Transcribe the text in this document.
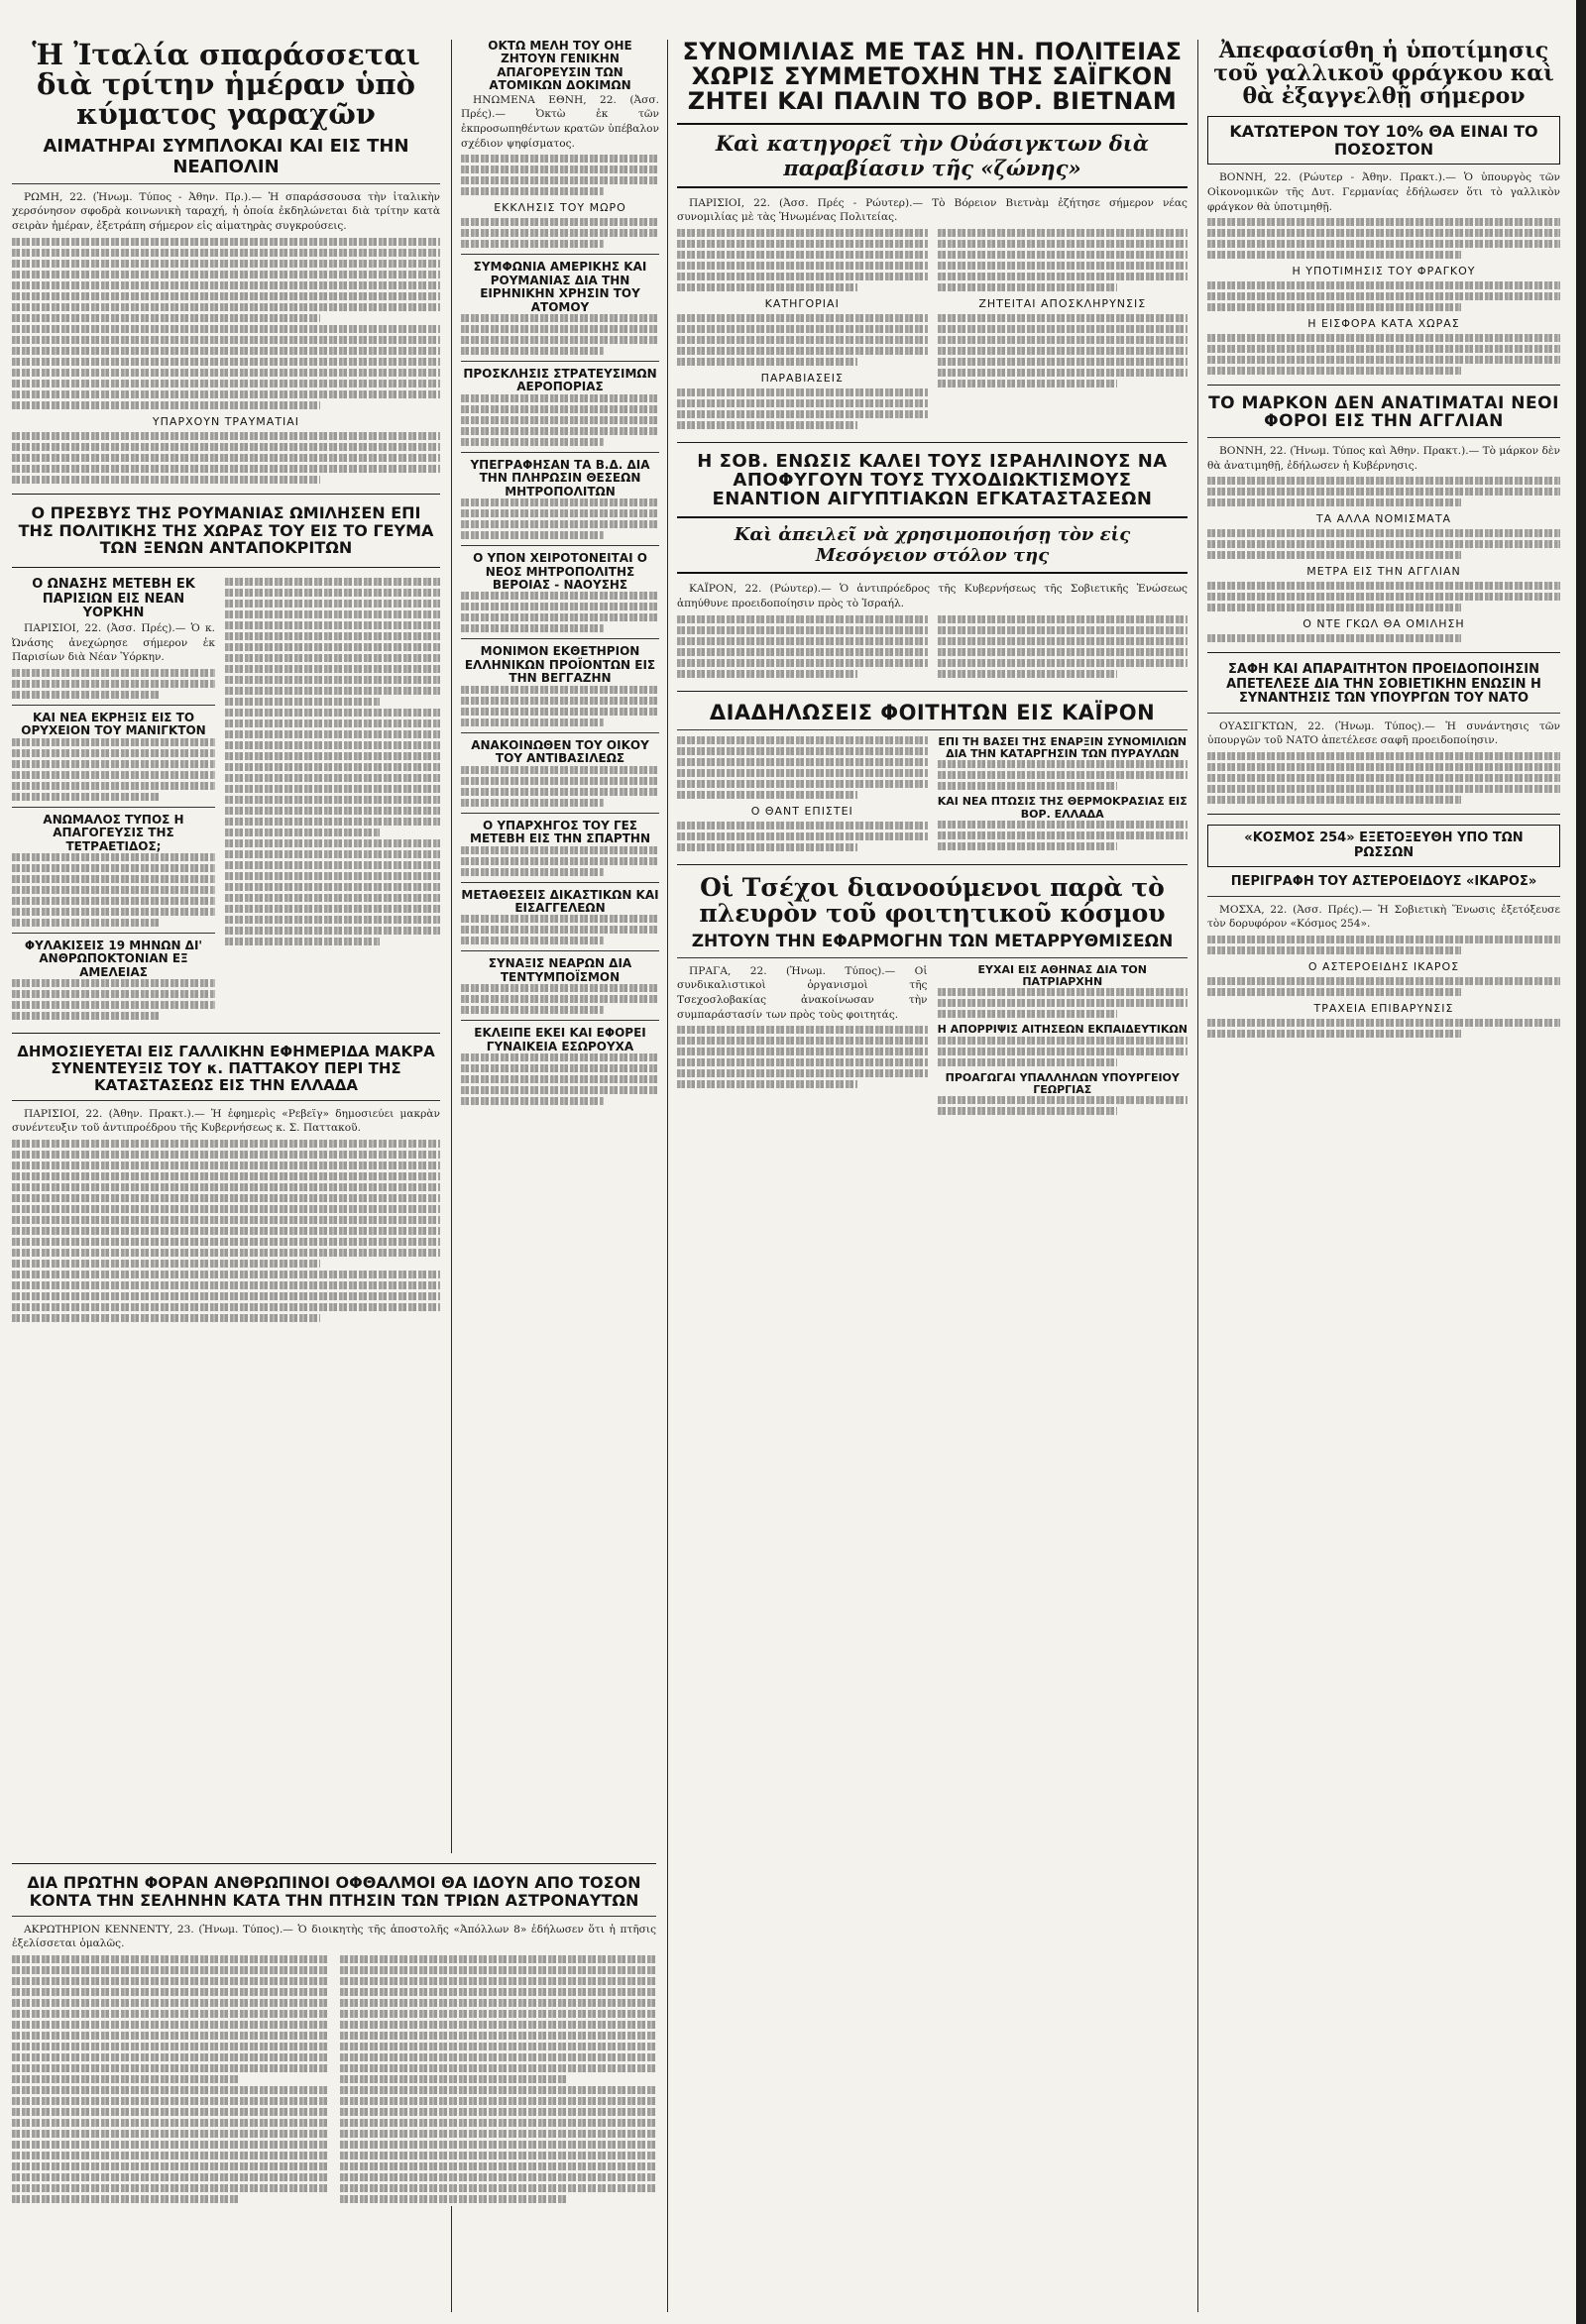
Ἡ Ἰταλία σπαράσσεται διὰ τρίτην ἡμέραν ὑπὸ κύματος γαραχῶν
ΑΙΜΑΤΗΡΑΙ ΣΥΜΠΛΟΚΑΙ ΚΑΙ ΕΙΣ ΤΗΝ ΝΕΑΠΟΛΙΝ

ΡΩΜΗ, 22. (Ἡνωμ. Τύπος - Ἀθην. Πρ.).— Ἡ σπαράσσουσα τὴν ἰταλικὴν χερσόνησον σφοδρὰ κοινωνικὴ ταραχή, ἡ ὁποία ἐκδηλώνεται διὰ τρίτην κατὰ σειρὰν ἡμέραν, ἐξετράπη σήμερον εἰς αἱματηρὰς συγκρούσεις.

ΥΠΑΡΧΟΥΝ ΤΡΑΥΜΑΤΙΑΙ
Ο ΠΡΕΣΒΥΣ ΤΗΣ ΡΟΥΜΑΝΙΑΣ ΩΜΙΛΗΣΕΝ ΕΠΙ ΤΗΣ ΠΟΛΙΤΙΚΗΣ ΤΗΣ ΧΩΡΑΣ ΤΟΥ ΕΙΣ ΤΟ ΓΕΥΜΑ ΤΩΝ ΞΕΝΩΝ ΑΝΤΑΠΟΚΡΙΤΩΝ
Ο ΩΝΑΣΗΣ ΜΕΤΕΒΗ ΕΚ ΠΑΡΙΣΙΩΝ ΕΙΣ ΝΕΑΝ ΥΟΡΚΗΝ

ΠΑΡΙΣΙΟΙ, 22. (Ἀσσ. Πρές).— Ὁ κ. Ὠνάσης ἀνεχώρησε σήμερον ἐκ Παρισίων διὰ Νέαν Ὑόρκην.

ΚΑΙ ΝΕΑ ΕΚΡΗΞΙΣ ΕΙΣ ΤΟ ΟΡΥΧΕΙΟΝ ΤΟΥ ΜΑΝΙΓΚΤΟΝ
ΑΝΩΜΑΛΟΣ ΤΥΠΟΣ Η ΑΠΑΓΟΓΕΥΣΙΣ ΤΗΣ ΤΕΤΡΑΕΤΙΔΟΣ;
ΦΥΛΑΚΙΣΕΙΣ 19 ΜΗΝΩΝ ΔΙ' ΑΝΘΡΩΠΟΚΤΟΝΙΑΝ ΕΞ ΑΜΕΛΕΙΑΣ
ΔΗΜΟΣΙΕΥΕΤΑΙ ΕΙΣ ΓΑΛΛΙΚΗΝ ΕΦΗΜΕΡΙΔΑ ΜΑΚΡΑ ΣΥΝΕΝΤΕΥΞΙΣ ΤΟΥ κ. ΠΑΤΤΑΚΟΥ ΠΕΡΙ ΤΗΣ ΚΑΤΑΣΤΑΣΕΩΣ ΕΙΣ ΤΗΝ ΕΛΛΑΔΑ

ΠΑΡΙΣΙΟΙ, 22. (Ἀθην. Πρακτ.).— Ἡ ἐφημερὶς «Ρεβεϊγ» δημοσιεύει μακρὰν συνέντευξιν τοῦ ἀντιπροέδρου τῆς Κυβερνήσεως κ. Σ. Παττακοῦ.

ΟΚΤΩ ΜΕΛΗ ΤΟΥ ΟΗΕ ΖΗΤΟΥΝ ΓΕΝΙΚΗΝ ΑΠΑΓΟΡΕΥΣΙΝ ΤΩΝ ΑΤΟΜΙΚΩΝ ΔΟΚΙΜΩΝ

ΗΝΩΜΕΝΑ ΕΘΝΗ, 22. (Ἀσσ. Πρές).— Ὀκτὼ ἐκ τῶν ἐκπροσωπηθέντων κρατῶν ὑπέβαλον σχέδιον ψηφίσματος.

ΕΚΚΛΗΣΙΣ ΤΟΥ ΜΩΡΟ
ΣΥΜΦΩΝΙΑ ΑΜΕΡΙΚΗΣ ΚΑΙ ΡΟΥΜΑΝΙΑΣ ΔΙΑ ΤΗΝ ΕΙΡΗΝΙΚΗΝ ΧΡΗΣΙΝ ΤΟΥ ΑΤΟΜΟΥ
ΠΡΟΣΚΛΗΣΙΣ ΣΤΡΑΤΕΥΣΙΜΩΝ ΑΕΡΟΠΟΡΙΑΣ
ΥΠΕΓΡΑΦΗΣΑΝ ΤΑ Β.Δ. ΔΙΑ ΤΗΝ ΠΛΗΡΩΣΙΝ ΘΕΣΕΩΝ ΜΗΤΡΟΠΟΛΙΤΩΝ
Ο ΥΠΟΝ ΧΕΙΡΟΤΟΝΕΙΤΑΙ Ο ΝΕΟΣ ΜΗΤΡΟΠΟΛΙΤΗΣ ΒΕΡΟΙΑΣ - ΝΑΟΥΣΗΣ
ΜΟΝΙΜΟΝ ΕΚΘΕΤΗΡΙΟΝ ΕΛΛΗΝΙΚΩΝ ΠΡΟΪΟΝΤΩΝ ΕΙΣ ΤΗΝ ΒΕΓΓΑΖΗΝ
ΑΝΑΚΟΙΝΩΘΕΝ ΤΟΥ ΟΙΚΟΥ ΤΟΥ ΑΝΤΙΒΑΣΙΛΕΩΣ
Ο ΥΠΑΡΧΗΓΟΣ ΤΟΥ ΓΕΣ ΜΕΤΕΒΗ ΕΙΣ ΤΗΝ ΣΠΑΡΤΗΝ
ΜΕΤΑΘΕΣΕΙΣ ΔΙΚΑΣΤΙΚΩΝ ΚΑΙ ΕΙΣΑΓΓΕΛΕΩΝ
ΣΥΝΑΞΙΣ ΝΕΑΡΩΝ ΔΙΑ ΤΕΝΤΥΜΠΟΪΣΜΟΝ
ΕΚΛΕΙΠΕ ΕΚΕΙ ΚΑΙ ΕΦΟΡΕΙ ΓΥΝΑΙΚΕΙΑ ΕΣΩΡΟΥΧΑ
ΣΥΝΟΜΙΛΙΑΣ ΜΕ ΤΑΣ ΗΝ. ΠΟΛΙΤΕΙΑΣ ΧΩΡΙΣ ΣΥΜΜΕΤΟΧΗΝ ΤΗΣ ΣΑΪΓΚΟΝ ΖΗΤΕΙ ΚΑΙ ΠΑΛΙΝ ΤΟ ΒΟΡ. ΒΙΕΤΝΑΜ
Καὶ κατηγορεῖ τὴν Οὐάσιγκτων διὰ παραβίασιν τῆς «ζώνης»

ΠΑΡΙΣΙΟΙ, 22. (Ἀσσ. Πρές - Ρώυτερ).— Τὸ Βόρειον Βιετνὰμ ἐζήτησε σήμερον νέας συνομιλίας μὲ τὰς Ἡνωμένας Πολιτείας.

ΚΑΤΗΓΟΡΙΑΙ
ΠΑΡΑΒΙΑΣΕΙΣ
ΖΗΤΕΙΤΑΙ ΑΠΟΣΚΛΗΡΥΝΣΙΣ
Η ΣΟΒ. ΕΝΩΣΙΣ ΚΑΛΕΙ ΤΟΥΣ ΙΣΡΑΗΛΙΝΟΥΣ ΝΑ ΑΠΟΦΥΓΟΥΝ ΤΟΥΣ ΤΥΧΟΔΙΩΚΤΙΣΜΟΥΣ ΕΝΑΝΤΙΟΝ ΑΙΓΥΠΤΙΑΚΩΝ ΕΓΚΑΤΑΣΤΑΣΕΩΝ
Καὶ ἀπειλεῖ νὰ χρησιμοποιήσῃ τὸν εἰς Μεσόγειον στόλον της

ΚΑΪΡΟΝ, 22. (Ρώυτερ).— Ὁ ἀντιπρόεδρος τῆς Κυβερνήσεως τῆς Σοβιετικῆς Ἑνώσεως ἀπηύθυνε προειδοποίησιν πρὸς τὸ Ἰσραήλ.

ΔΙΑΔΗΛΩΣΕΙΣ ΦΟΙΤΗΤΩΝ ΕΙΣ ΚΑΪΡΟΝ
Ο ΘΑΝΤ ΕΠΙΣΤΕΙ
ΕΠΙ ΤΗ ΒΑΣΕΙ ΤΗΣ ΕΝΑΡΞΙΝ ΣΥΝΟΜΙΛΙΩΝ ΔΙΑ ΤΗΝ ΚΑΤΑΡΓΗΣΙΝ ΤΩΝ ΠΥΡΑΥΛΩΝ
ΚΑΙ ΝΕΑ ΠΤΩΣΙΣ ΤΗΣ ΘΕΡΜΟΚΡΑΣΙΑΣ ΕΙΣ ΒΟΡ. ΕΛΛΑΔΑ
Οἱ Τσέχοι διανοούμενοι παρὰ τὸ πλευρὸν τοῦ φοιτητικοῦ κόσμου
ΖΗΤΟΥΝ ΤΗΝ ΕΦΑΡΜΟΓΗΝ ΤΩΝ ΜΕΤΑΡΡΥΘΜΙΣΕΩΝ

ΠΡΑΓΑ, 22. (Ἡνωμ. Τύπος).— Οἱ συνδικαλιστικοὶ ὀργανισμοὶ τῆς Τσεχοσλοβακίας ἀνακοίνωσαν τὴν συμπαράστασίν των πρὸς τοὺς φοιτητάς.

ΕΥΧΑΙ ΕΙΣ ΑΘΗΝΑΣ ΔΙΑ ΤΟΝ ΠΑΤΡΙΑΡΧΗΝ
Η ΑΠΟΡΡΙΨΙΣ ΑΙΤΗΣΕΩΝ ΕΚΠΑΙΔΕΥΤΙΚΩΝ
ΠΡΟΑΓΩΓΑΙ ΥΠΑΛΛΗΛΩΝ ΥΠΟΥΡΓΕΙΟΥ ΓΕΩΡΓΙΑΣ
Ἀπεφασίσθη ἡ ὑποτίμησις τοῦ γαλλικοῦ φράγκου καὶ θὰ ἐξαγγελθῇ σήμερον
ΚΑΤΩΤΕΡΟΝ ΤΟΥ 10% ΘΑ ΕΙΝΑΙ ΤΟ ΠΟΣΟΣΤΟΝ

ΒΟΝΝΗ, 22. (Ρώυτερ - Ἀθην. Πρακτ.).— Ὁ ὑπουργὸς τῶν Οἰκονομικῶν τῆς Δυτ. Γερμανίας ἐδήλωσεν ὅτι τὸ γαλλικὸν φράγκον θὰ ὑποτιμηθῇ.

Η ΥΠΟΤΙΜΗΣΙΣ ΤΟΥ ΦΡΑΓΚΟΥ
Η ΕΙΣΦΟΡΑ ΚΑΤΑ ΧΩΡΑΣ
ΤΟ ΜΑΡΚΟΝ ΔΕΝ ΑΝΑΤΙΜΑΤΑΙ ΝΕΟΙ ΦΟΡΟΙ ΕΙΣ ΤΗΝ ΑΓΓΛΙΑΝ

ΒΟΝΝΗ, 22. (Ἡνωμ. Τύπος καὶ Ἀθην. Πρακτ.).— Τὸ μάρκον δὲν θὰ ἀνατιμηθῇ, ἐδήλωσεν ἡ Κυβέρνησις.

ΤΑ ΑΛΛΑ ΝΟΜΙΣΜΑΤΑ
ΜΕΤΡΑ ΕΙΣ ΤΗΝ ΑΓΓΛΙΑΝ
Ο ΝΤΕ ΓΚΩΛ ΘΑ ΟΜΙΛΗΣΗ
ΣΑΦΗ ΚΑΙ ΑΠΑΡΑΙΤΗΤΟΝ ΠΡΟΕΙΔΟΠΟΙΗΣΙΝ ΑΠΕΤΕΛΕΣΕ ΔΙΑ ΤΗΝ ΣΟΒΙΕΤΙΚΗΝ ΕΝΩΣΙΝ Η ΣΥΝΑΝΤΗΣΙΣ ΤΩΝ ΥΠΟΥΡΓΩΝ ΤΟΥ ΝΑΤΟ

ΟΥΑΣΙΓΚΤΩΝ, 22. (Ἡνωμ. Τύπος).— Ἡ συνάντησις τῶν ὑπουργῶν τοῦ ΝΑΤΟ ἀπετέλεσε σαφῆ προειδοποίησιν.

«ΚΟΣΜΟΣ 254» ΕΞΕΤΟΞΕΥΘΗ ΥΠΟ ΤΩΝ ΡΩΣΣΩΝ
ΠΕΡΙΓΡΑΦΗ ΤΟΥ ΑΣΤΕΡΟΕΙΔΟΥΣ «ΙΚΑΡΟΣ»

ΜΟΣΧΑ, 22. (Ἀσσ. Πρές).— Ἡ Σοβιετικὴ Ἕνωσις ἐξετόξευσε τὸν δορυφόρον «Κόσμος 254».

Ο ΑΣΤΕΡΟΕΙΔΗΣ ΙΚΑΡΟΣ
ΤΡΑΧΕΙΑ ΕΠΙΒΑΡΥΝΣΙΣ
ΔΙΑ ΠΡΩΤΗΝ ΦΟΡΑΝ ΑΝΘΡΩΠΙΝΟΙ ΟΦΘΑΛΜΟΙ ΘΑ ΙΔΟΥΝ ΑΠΟ ΤΟΣΟΝ ΚΟΝΤΑ ΤΗΝ ΣΕΛΗΝΗΝ ΚΑΤΑ ΤΗΝ ΠΤΗΣΙΝ ΤΩΝ ΤΡΙΩΝ ΑΣΤΡΟΝΑΥΤΩΝ

ΑΚΡΩΤΗΡΙΟΝ ΚΕΝΝΕΝΤΥ, 23. (Ἡνωμ. Τύπος).— Ὁ διοικητὴς τῆς ἀποστολῆς «Ἀπόλλων 8» ἐδήλωσεν ὅτι ἡ πτῆσις ἐξελίσσεται ὁμαλῶς.
